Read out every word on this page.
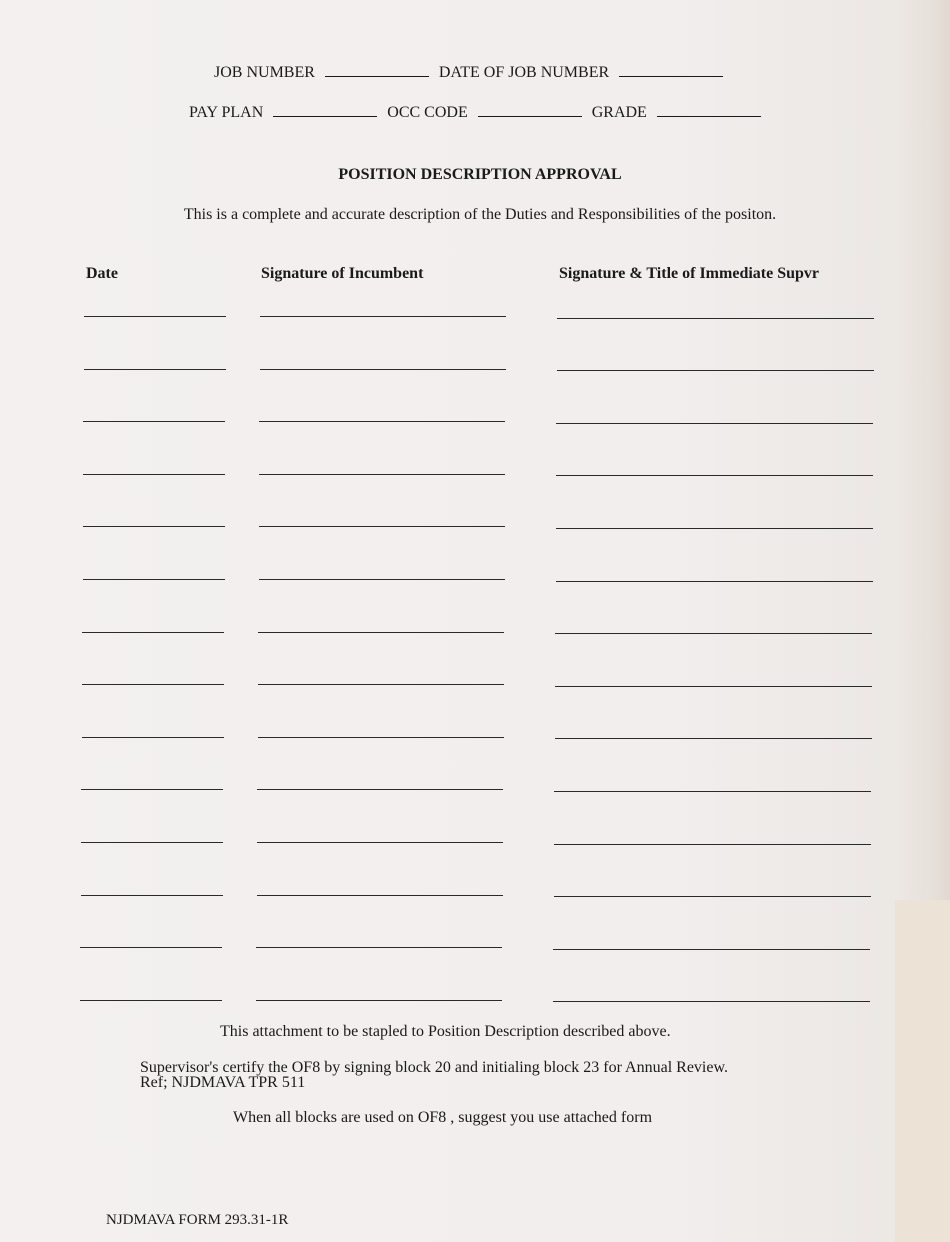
JOB NUMBER	DATE OF JOB NUMBER
PAY PLAN	OCC CODE	GRADE
POSITION DESCRIPTION APPROVAL
This is a complete and accurate description of the Duties and Responsibilities of the positon.
Date	Signature of Incumbent	Signature & Title of Immediate Supvr
This attachment to be stapled to Position Description described above.
Supervisor's certify the OF8 by signing block 20 and initialing block 23 for Annual Review.
Ref; NJDMAVA TPR 511
When all blocks are used on OF8 , suggest you use attached form
NJDMAVA FORM 293.31-1R
